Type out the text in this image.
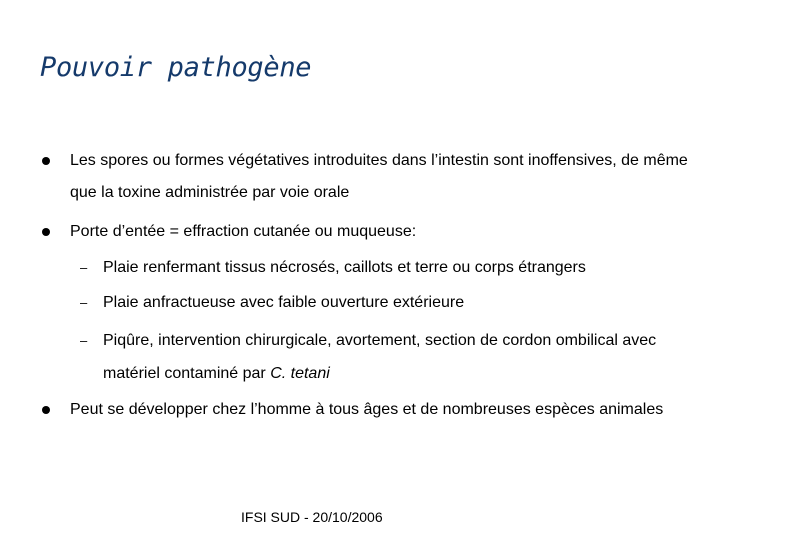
Pouvoir pathogène
Les spores ou formes végétatives introduites dans l’intestin sont inoffensives, de même
que la toxine administrée par voie orale
Porte d’entée = effraction cutanée ou muqueuse:
– Plaie renfermant tissus nécrosés, caillots et terre ou corps étrangers
– Plaie anfractueuse avec faible ouverture extérieure
– Piqûre, intervention chirurgicale, avortement, section de cordon ombilical avec
matériel contaminé par C. tetani
Peut se développer chez l’homme à tous âges et de nombreuses espèces animales
IFSI SUD - 20/10/2006
